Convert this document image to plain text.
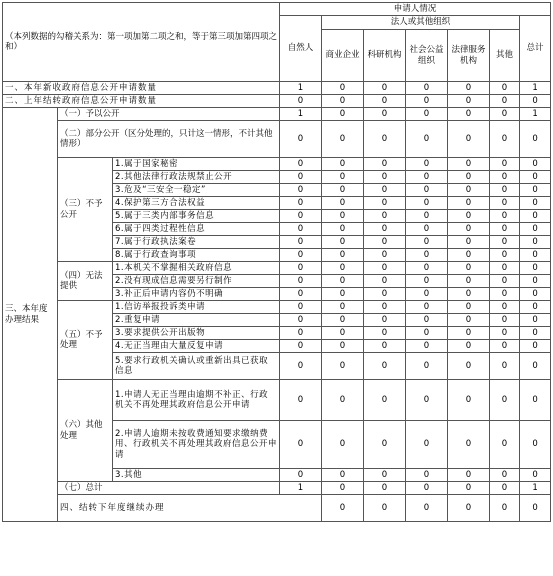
（本列数据的勾稽关系为：第一项加第二项之和，等于第三项加第四项之和）			申请人情况							
			自然人	法人或其他组织					总计	
				商业企业	科研机构	社会公益组织	法律服务机构	其他		
一、本年新收政府信息公开申请数量			1	0	0	0	0	0	1	
二、上年结转政府信息公开申请数量			0	0	0	0	0	0	0	
三、本年度办理结果	（一）予以公开		1	0	0	0	0	0	1	
	（二）部分公开（区分处理的，只计这一情形，不计其他情形）		0	0	0	0	0	0	0	
	（三）不予公开	1.属于国家秘密	0	0	0	0	0	0	0	
		2.其他法律行政法规禁止公开	0	0	0	0	0	0	0	
		3.危及“三安全一稳定”	0	0	0	0	0	0	0	
		4.保护第三方合法权益	0	0	0	0	0	0	0	
		5.属于三类内部事务信息	0	0	0	0	0	0	0	
		6.属于四类过程性信息	0	0	0	0	0	0	0	
		7.属于行政执法案卷	0	0	0	0	0	0	0	
		8.属于行政查询事项	0	0	0	0	0	0	0	
	（四）无法提供	1.本机关不掌握相关政府信息	0	0	0	0	0	0	0	
		2.没有现成信息需要另行制作	0	0	0	0	0	0	0	
		3.补正后申请内容仍不明确	0	0	0	0	0	0	0	
	（五）不予处理	1.信访举报投诉类申请	0	0	0	0	0	0	0	
		2.重复申请	0	0	0	0	0	0	0	
		3.要求提供公开出版物	0	0	0	0	0	0	0	
		4.无正当理由大量反复申请	0	0	0	0	0	0	0	
		5.要求行政机关确认或重新出具已获取信息	0	0	0	0	0	0	0	
	（六）其他处理	1.申请人无正当理由逾期不补正、行政机关不再处理其政府信息公开申请	0	0	0	0	0	0	0	
		2.申请人逾期未按收费通知要求缴纳费用、行政机关不再处理其政府信息公开申请	0	0	0	0	0	0	0	
		3.其他	0	0	0	0	0	0	0	
	（七）总计		1	0	0	0	0	0	1	
	四、结转下年度继续办理			0	0	0	0	0	0	
